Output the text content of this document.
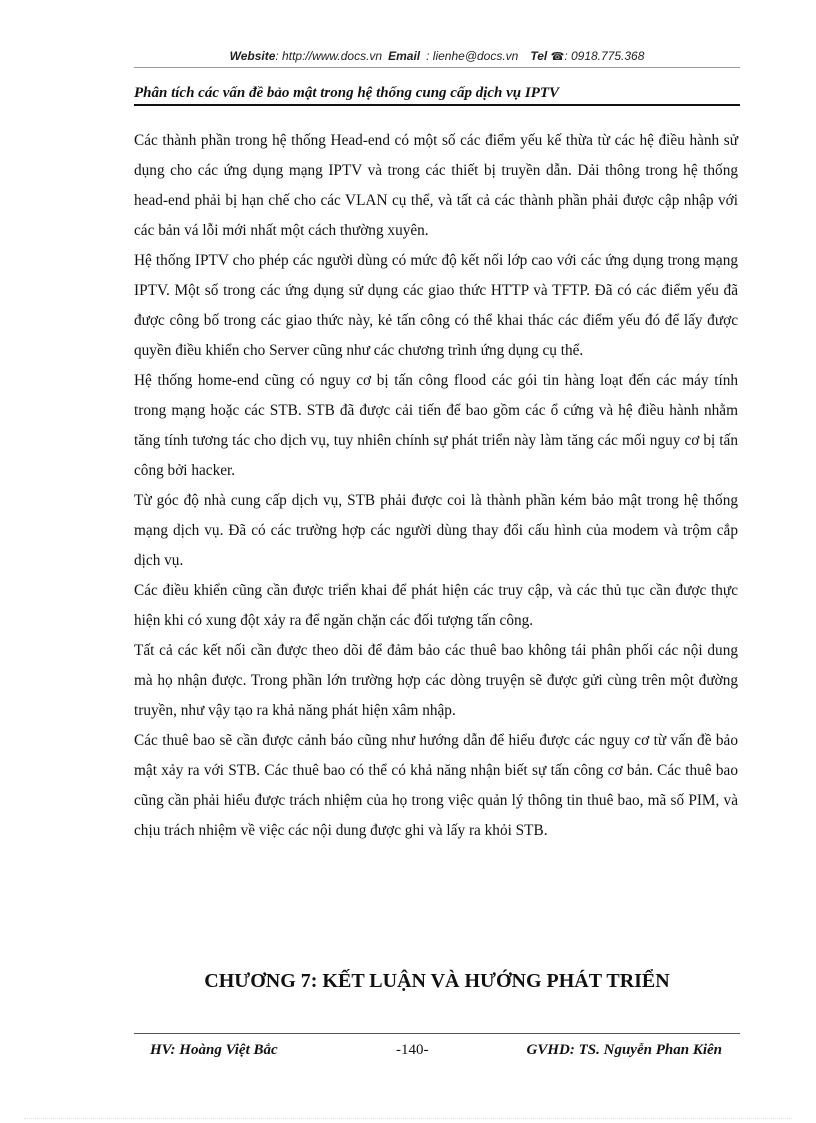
Website: http://www.docs.vn Email : lienhe@docs.vn Tel ☎: 0918.775.368
Phân tích các vấn đề bảo mật trong hệ thống cung cấp dịch vụ IPTV

Các thành phần trong hệ thống Head-end có một số các điểm yếu kế thừa từ các hệ điều hành sử dụng cho các ứng dụng mạng IPTV và trong các thiết bị truyền dẫn. Dải thông trong hệ thống head-end phải bị hạn chế cho các VLAN cụ thể, và tất cả các thành phần phải được cập nhập với các bản vá lỗi mới nhất một cách thường xuyên.

Hệ thống IPTV cho phép các người dùng có mức độ kết nối lớp cao với các ứng dụng trong mạng IPTV. Một số trong các ứng dụng sử dụng các giao thức HTTP và TFTP. Đã có các điểm yếu đã được công bố trong các giao thức này, kẻ tấn công có thể khai thác các điểm yếu đó để lấy được quyền điều khiển cho Server cũng như các chương trình ứng dụng cụ thể.

Hệ thống home-end cũng có nguy cơ bị tấn công flood các gói tin hàng loạt đến các máy tính trong mạng hoặc các STB. STB đã được cải tiến để bao gồm các ổ cứng và hệ điều hành nhằm tăng tính tương tác cho dịch vụ, tuy nhiên chính sự phát triển này làm tăng các mối nguy cơ bị tấn công bởi hacker.

Từ góc độ nhà cung cấp dịch vụ, STB phải được coi là thành phần kém bảo mật trong hệ thống mạng dịch vụ. Đã có các trường hợp các người dùng thay đổi cấu hình của modem và trộm cắp dịch vụ.

Các điều khiển cũng cần được triển khai để phát hiện các truy cập, và các thủ tục cần được thực hiện khi có xung đột xảy ra để ngăn chặn các đối tượng tấn công.

Tất cả các kết nối cần được theo dõi để đảm bảo các thuê bao không tái phân phối các nội dung mà họ nhận được. Trong phần lớn trường hợp các dòng truyện sẽ được gửi cùng trên một đường truyền, như vậy tạo ra khả năng phát hiện xâm nhập.

Các thuê bao sẽ cần được cảnh báo cũng như hướng dẫn để hiểu được các nguy cơ từ vấn đề bảo mật xảy ra với STB. Các thuê bao có thể có khả năng nhận biết sự tấn công cơ bản. Các thuê bao cũng cần phải hiểu được trách nhiệm của họ trong việc quản lý thông tin thuê bao, mã số PIM, và chịu trách nhiệm về việc các nội dung được ghi và lấy ra khỏi STB.

CHƯƠNG 7: KẾT LUẬN VÀ HƯỚNG PHÁT TRIỂN
HV: Hoàng Việt Bắc	-140-	GVHD: TS. Nguyễn Phan Kiên
